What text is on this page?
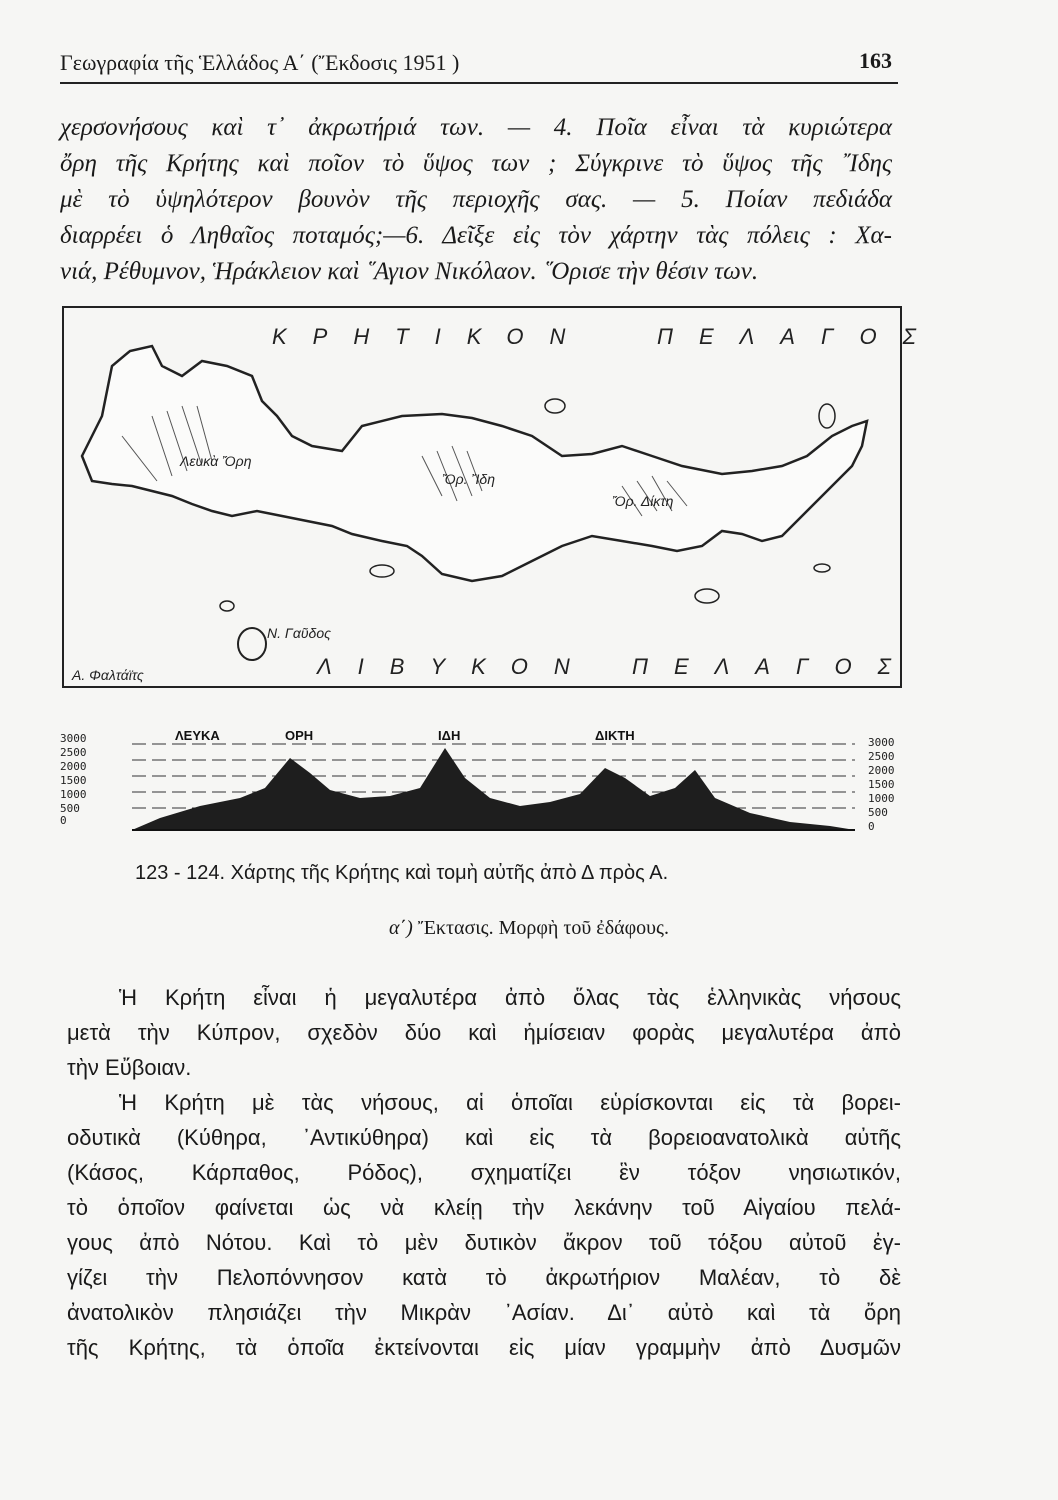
Γεωγραφία τῆς Ἑλλάδος Α΄ (Ἔκδοσις 1951 )	163
χερσονήσους καὶ τ᾽ ἀκρωτήριά των. — 4. Ποῖα εἶναι τὰ κυριώτερα
ὄρη τῆς Κρήτης καὶ ποῖον τὸ ὕψος των ; Σύγκρινε τὸ ὕψος τῆς ῎Ιδης
μὲ τὸ ὑψηλότερον βουνὸν τῆς περιοχῆς σας. — 5. Ποίαν πεδιάδα
διαρρέει ὁ Ληθαῖος ποταμός;—6. Δεῖξε εἰς τὸν χάρτην τὰς πόλεις : Χα-
νιά, Ρέθυμνον, Ἡράκλειον καὶ ῞Αγιον Νικόλαον. ῞Ορισε τὴν θέσιν των.
ΚΡΗΤΙΚΟΝ	ΠΕΛΑΓΟΣ
ΛΙΒΥΚΟΝ ΠΕΛΑΓΟΣ
Λευκὰ Ὄρη
Ὄρ. Ἴδη
Ὄρ. Δίκτη
Ν. Γαῦδος
Α. Φαλτάϊτς
3000
2500
2000
1500
1000
500
0
3000
2500
2000
1500
1000
500
0
ΛΕΥΚΑ	ΟΡΗ	ΙΔΗ	ΔΙΚΤΗ
123 - 124. Χάρτης τῆς Κρήτης καὶ τομὴ αὐτῆς ἀπὸ Δ πρὸς Α.
α΄) Ἔκτασις. Μορφὴ τοῦ ἐδάφους.
Ἡ Κρήτη εἶναι ἡ μεγαλυτέρα ἀπὸ ὅλας τὰς ἑλληνικὰς νήσους
μετὰ τὴν Κύπρον, σχεδὸν δύο καὶ ἡμίσειαν φορὰς μεγαλυτέρα ἀπὸ
τὴν Εὔβοιαν.
Ἡ Κρήτη μὲ τὰς νήσους, αἱ ὁποῖαι εὑρίσκονται εἰς τὰ βορει-
οδυτικὰ (Κύθηρα, ᾿Αντικύθηρα) καὶ εἰς τὰ βορειοανατολικὰ αὐτῆς
(Κάσος, Κάρπαθος, Ρόδος), σχηματίζει ἓν τόξον νησιωτικόν,
τὸ ὁποῖον φαίνεται ὡς νὰ κλείῃ τὴν λεκάνην τοῦ Αἰγαίου πελά-
γους ἀπὸ Νότου. Καὶ τὸ μὲν δυτικὸν ἄκρον τοῦ τόξου αὐτοῦ ἐγ-
γίζει τὴν Πελοπόννησον κατὰ τὸ ἀκρωτήριον Μαλέαν, τὸ δὲ
ἀνατολικὸν πλησιάζει τὴν Μικρὰν ᾿Ασίαν. Δι᾽ αὐτὸ καὶ τὰ ὄρη
τῆς Κρήτης, τὰ ὁποῖα ἐκτείνονται εἰς μίαν γραμμὴν ἀπὸ Δυσμῶν
